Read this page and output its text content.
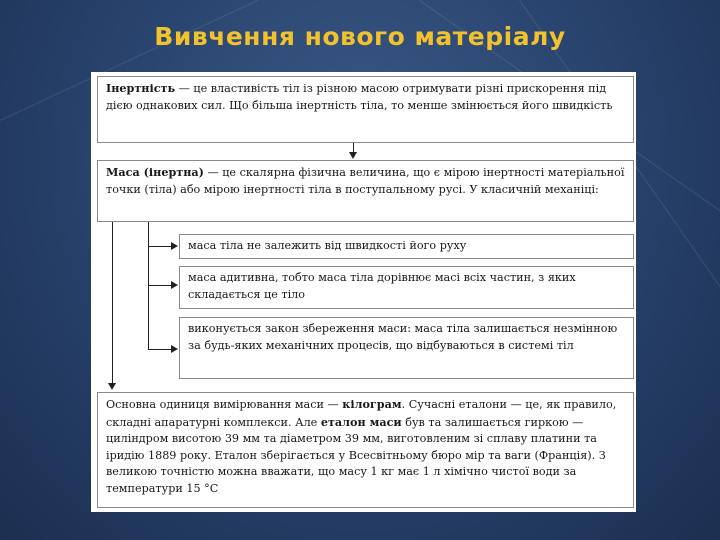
Вивчення нового матеріалу
Інертність — це властивість тіл із різною масою отримувати різні прискорення під дією однакових сил. Що більша інертність тіла, то менше змінюється його швидкість
Маса (інертна) — це скалярна фізична величина, що є мірою інертності матеріальної точки (тіла) або мірою інертності тіла в поступальному русі. У класичній механіці:
маса тіла не залежить від швидкості його руху
маса адитивна, тобто маса тіла дорівнює масі всіх частин, з яких складається це тіло
виконується закон збереження маси: маса тіла залишається незмінною за будь-яких механічних процесів, що відбуваються в системі тіл
Основна одиниця вимірювання маси — кілограм. Сучасні еталони — це, як правило, складні апаратурні комплекси. Але еталон маси був та залишається гиркою — циліндром висотою 39 мм та діаметром 39 мм, виготовленим зі сплаву платини та іридію 1889 року. Еталон зберігається у Всесвітньому бюро мір та ваги (Франція). З великою точністю можна вважати, що масу 1 кг має 1 л хімічно чистої води за температури 15 °С
